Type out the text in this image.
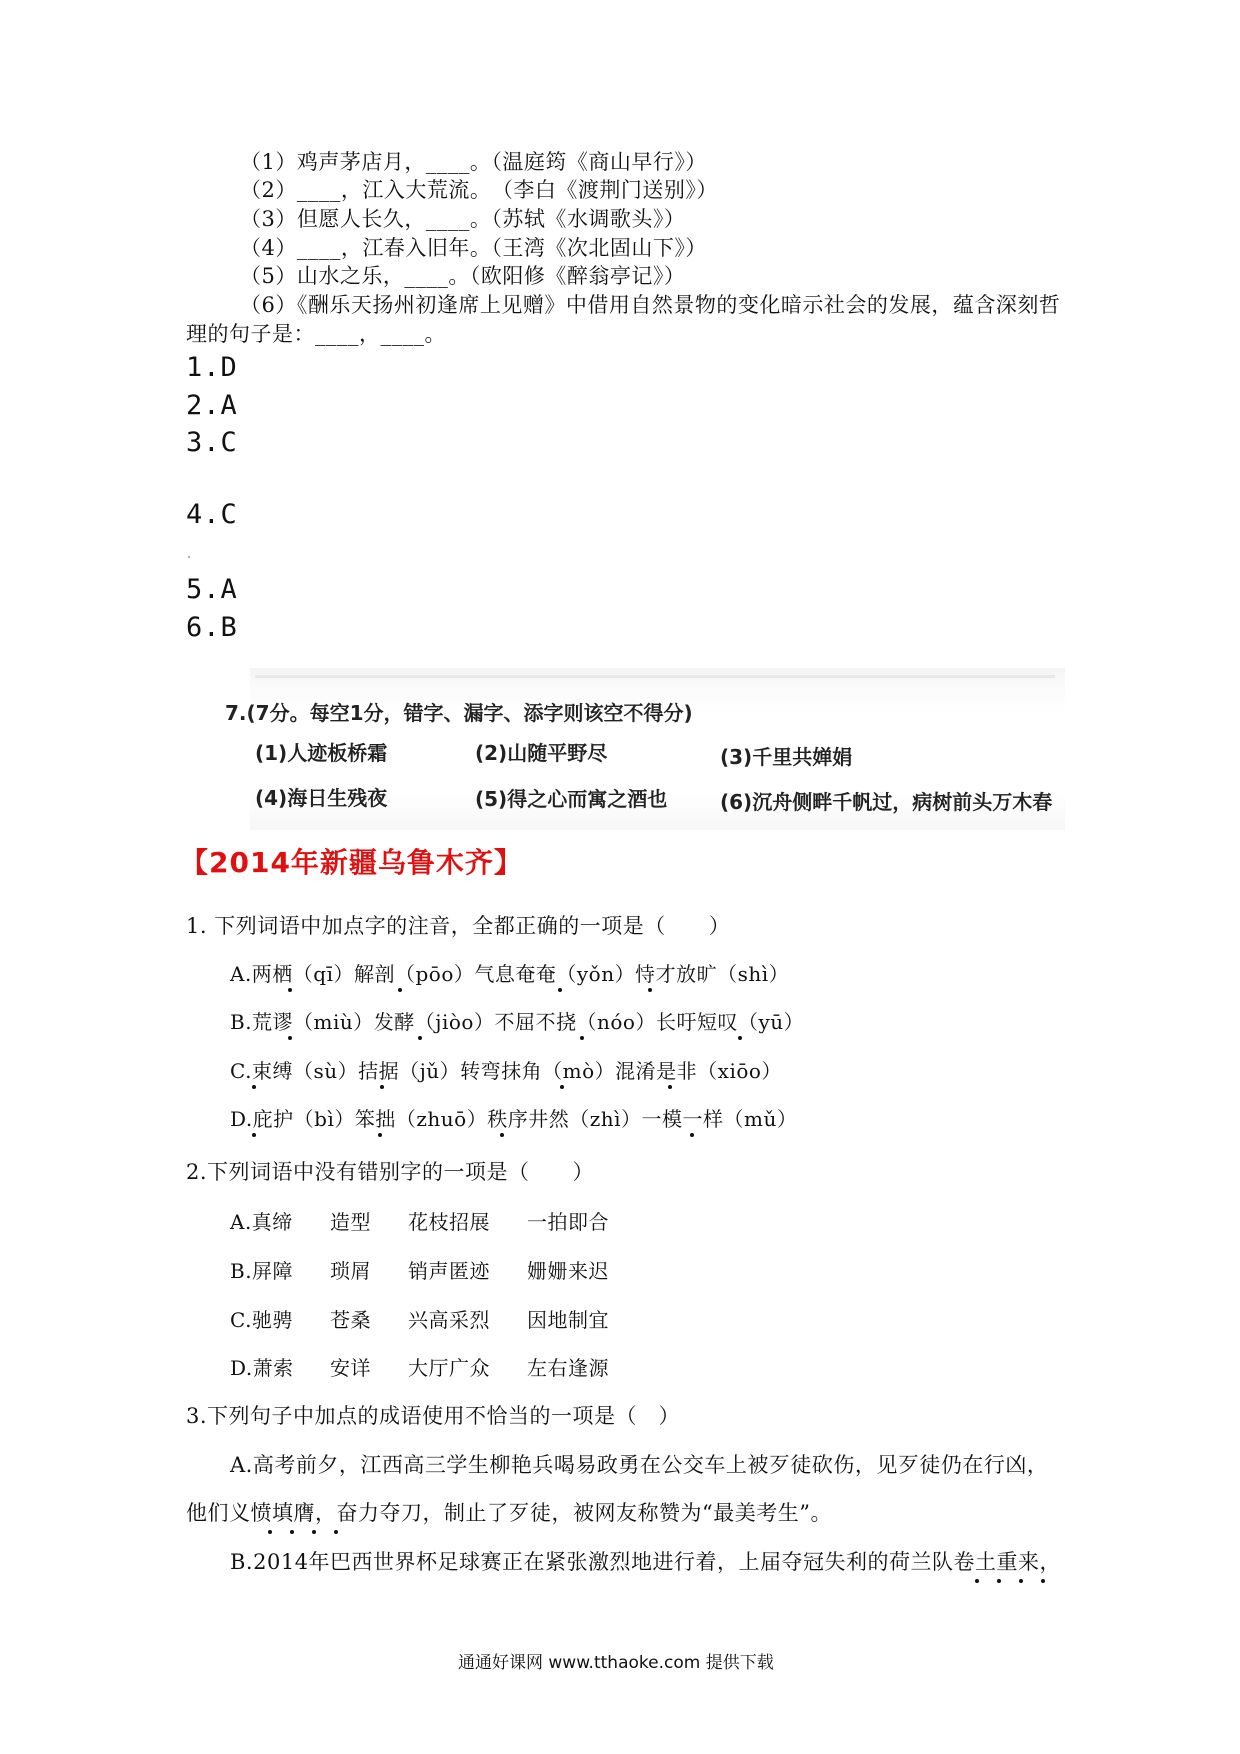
（1）鸡声茅店月，____。（温庭筠《商山早行》）
（2）____，江入大荒流。　（李白《渡荆门送别》）
（3）但愿人长久，____。（苏轼《水调歌头》）
（4）____，江春入旧年。（王湾《次北固山下》）
（5）山水之乐，____。（欧阳修《醉翁亭记》）
（6）《酬乐天扬州初逢席上见赠》中借用自然景物的变化暗示社会的发展，蕴含深刻哲
理的句子是：____，____。
1.D
2.A
3.C
4.C
5.A
6.B
7.(7分。每空1分，错字、漏字、添字则该空不得分)
(1)人迹板桥霜	(2)山随平野尽	(3)千里共婵娟
(4)海日生残夜	(5)得之心而寓之酒也	(6)沉舟侧畔千帆过，病树前头万木春
【2014年新疆乌鲁木齐】
1. 下列词语中加点字的注音，全都正确的一项是（　　）
A.两栖（qī）解剖（pōo）气息奄奄（yǒn）恃才放旷（shì）
B.荒谬（miù）发酵（jiòo）不屈不挠（nóo）长吁短叹（yū）
C.束缚（sù）拮据（jǔ）转弯抹角（mò）混淆是非（xiōo）
D.庇护（bì）笨拙（zhuō）秩序井然（zhì）一模一样（mǔ）
2.下列词语中没有错别字的一项是（　　）
A.真缔 造型 花枝招展 一拍即合
B.屏障 琐屑 销声匿迹 姗姗来迟
C.驰骋 苍桑 兴高采烈 因地制宜
D.萧索 安详 大厅广众 左右逢源
3.下列句子中加点的成语使用不恰当的一项是（　）
A.高考前夕，江西高三学生柳艳兵喝易政勇在公交车上被歹徒砍伤，见歹徒仍在行凶，
他们义愤填膺，奋力夺刀，制止了歹徒，被网友称赞为“最美考生”。
B.2014年巴西世界杯足球赛正在紧张激烈地进行着，上届夺冠失利的荷兰队卷土重来，
通通好课网 www.tthaoke.com 提供下载
